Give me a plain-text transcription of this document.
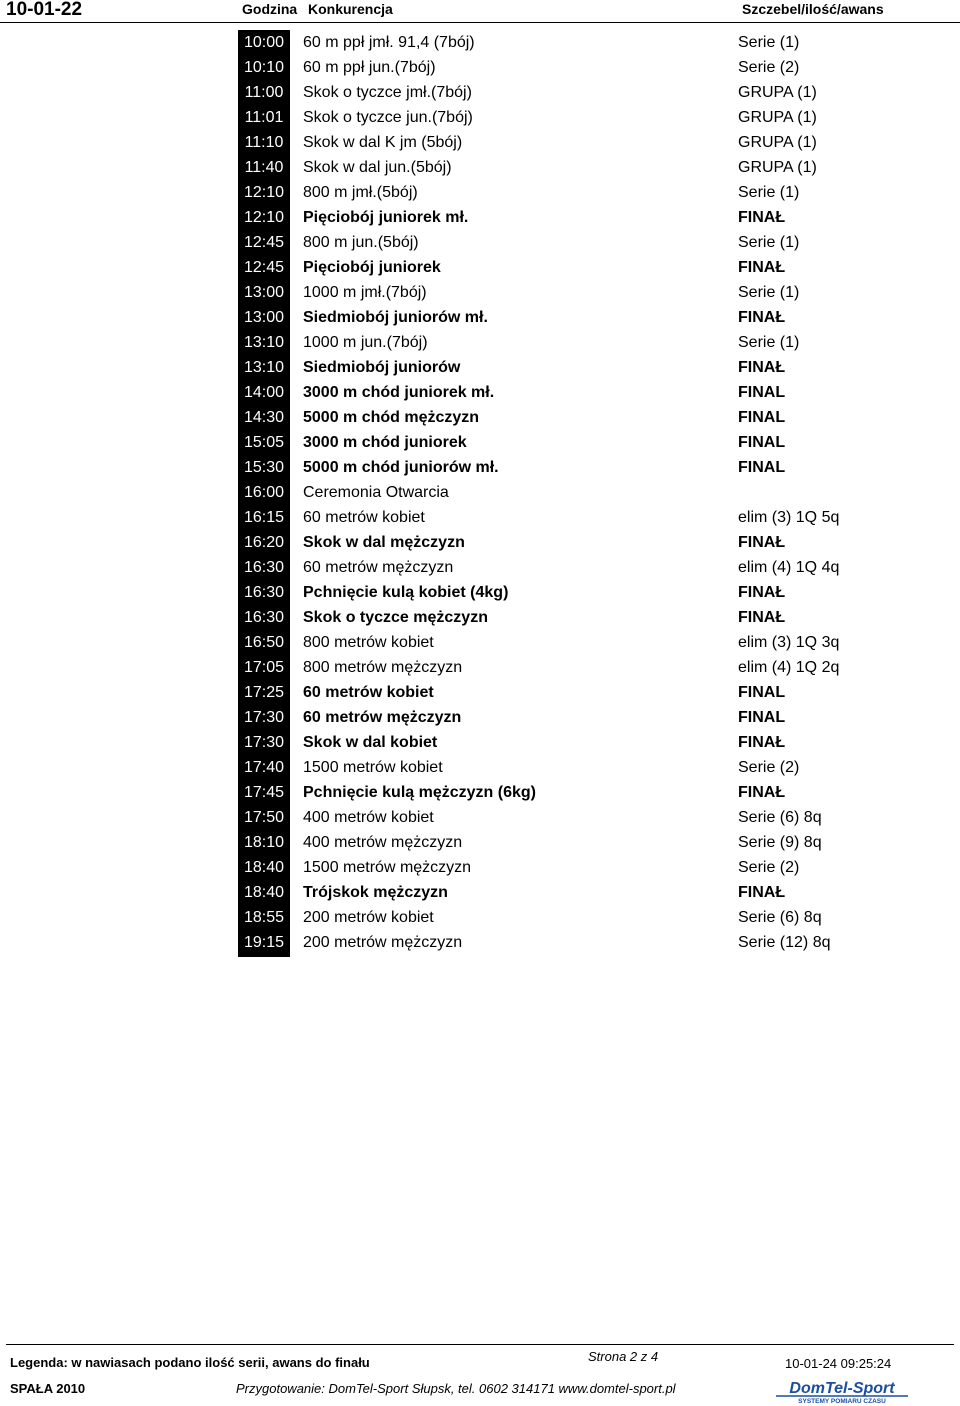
10-01-22	Godzina Konkurencja	Szczebel/ilość/awans
10:00	60 m ppł jmł. 91,4 (7bój)	Serie (1)
10:10	60 m ppł jun.(7bój)	Serie (2)
11:00	Skok o tyczce jmł.(7bój)	GRUPA (1)
11:01	Skok o tyczce jun.(7bój)	GRUPA (1)
11:10	Skok w dal K jm (5bój)	GRUPA (1)
11:40	Skok w dal jun.(5bój)	GRUPA (1)
12:10	800 m jmł.(5bój)	Serie (1)
12:10	Pięciobój juniorek mł.	FINAŁ
12:45	800 m jun.(5bój)	Serie (1)
12:45	Pięciobój juniorek	FINAŁ
13:00	1000 m jmł.(7bój)	Serie (1)
13:00	Siedmiobój juniorów mł.	FINAŁ
13:10	1000 m jun.(7bój)	Serie (1)
13:10	Siedmiobój juniorów	FINAŁ
14:00	3000 m chód juniorek mł.	FINAL
14:30	5000 m chód mężczyzn	FINAL
15:05	3000 m chód juniorek	FINAL
15:30	5000 m chód juniorów mł.	FINAL
16:00	Ceremonia Otwarcia
16:15	60 metrów kobiet	elim (3) 1Q 5q
16:20	Skok w dal mężczyzn	FINAŁ
16:30	60 metrów mężczyzn	elim (4) 1Q 4q
16:30	Pchnięcie kulą kobiet (4kg)	FINAŁ
16:30	Skok o tyczce mężczyzn	FINAŁ
16:50	800 metrów kobiet	elim (3) 1Q 3q
17:05	800 metrów mężczyzn	elim (4) 1Q 2q
17:25	60 metrów kobiet	FINAL
17:30	60 metrów mężczyzn	FINAL
17:30	Skok w dal kobiet	FINAŁ
17:40	1500 metrów kobiet	Serie (2)
17:45	Pchnięcie kulą mężczyzn (6kg)	FINAŁ
17:50	400 metrów kobiet	Serie (6) 8q
18:10	400 metrów mężczyzn	Serie (9) 8q
18:40	1500 metrów mężczyzn	Serie (2)
18:40	Trójskok mężczyzn	FINAŁ
18:55	200 metrów kobiet	Serie (6) 8q
19:15	200 metrów mężczyzn	Serie (12) 8q
Legenda: w nawiasach podano ilość serii, awans do finału	Strona 2 z 4	10-01-24 09:25:24
SPAŁA 2010	Przygotowanie: DomTel-Sport Słupsk, tel. 0602 314171 www.domtel-sport.pl	DomTel-Sport
SYSTEMY POMIARU CZASU
